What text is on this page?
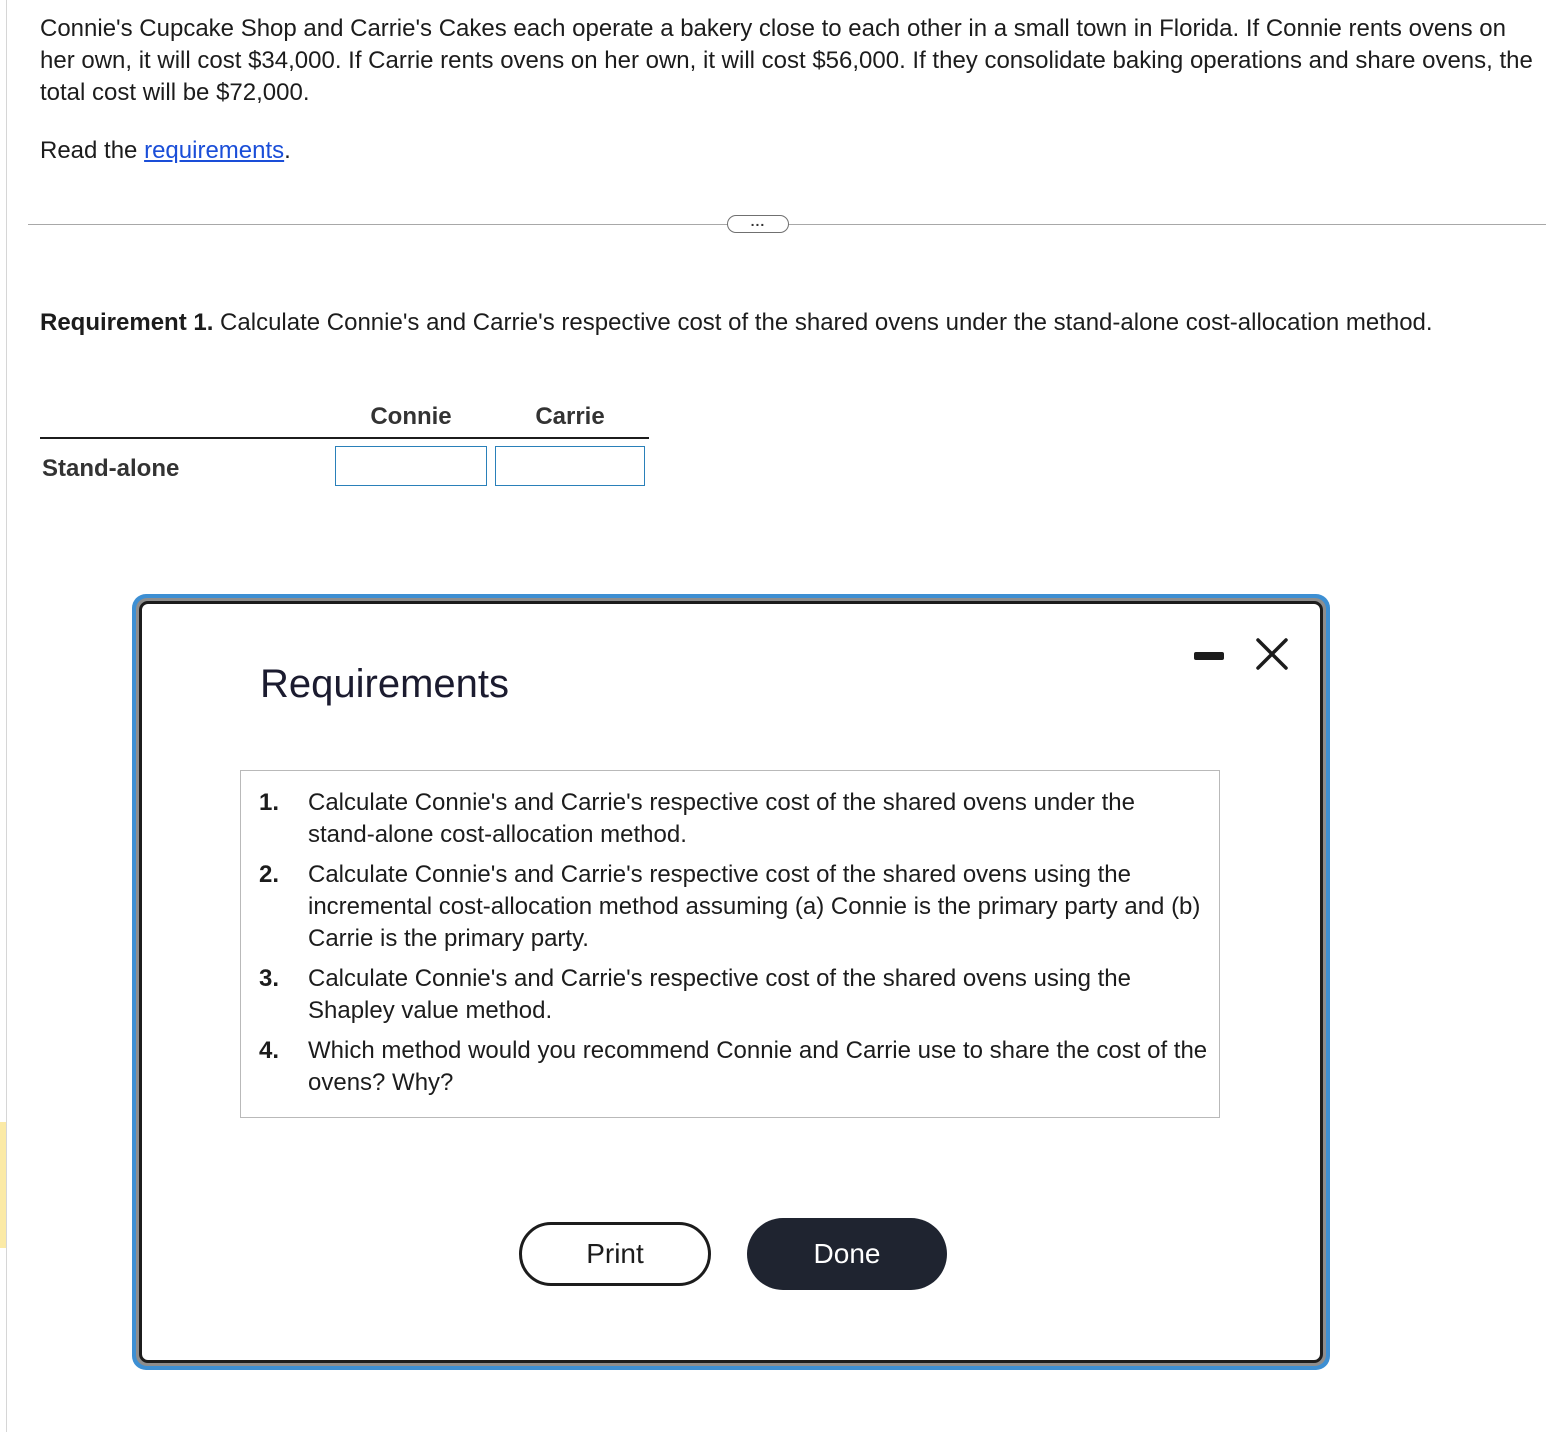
Connie's Cupcake Shop and Carrie's Cakes each operate a bakery close to each other in a small town in Florida. If Connie rents ovens on her own, it will cost $34,000. If Carrie rents ovens on her own, it will cost $56,000. If they consolidate baking operations and share ovens, the total cost will be $72,000.

Read the requirements.
...
Requirement 1. Calculate Connie's and Carrie's respective cost of the shared ovens under the stand-alone cost-allocation method.
Connie	Carrie
Stand-alone
Requirements
1.	Calculate Connie's and Carrie's respective cost of the shared ovens under the stand-alone cost-allocation method.
2.	Calculate Connie's and Carrie's respective cost of the shared ovens using the incremental cost-allocation method assuming (a) Connie is the primary party and (b) Carrie is the primary party.
3.	Calculate Connie's and Carrie's respective cost of the shared ovens using the Shapley value method.
4.	Which method would you recommend Connie and Carrie use to share the cost of the ovens? Why?
Print	Done
